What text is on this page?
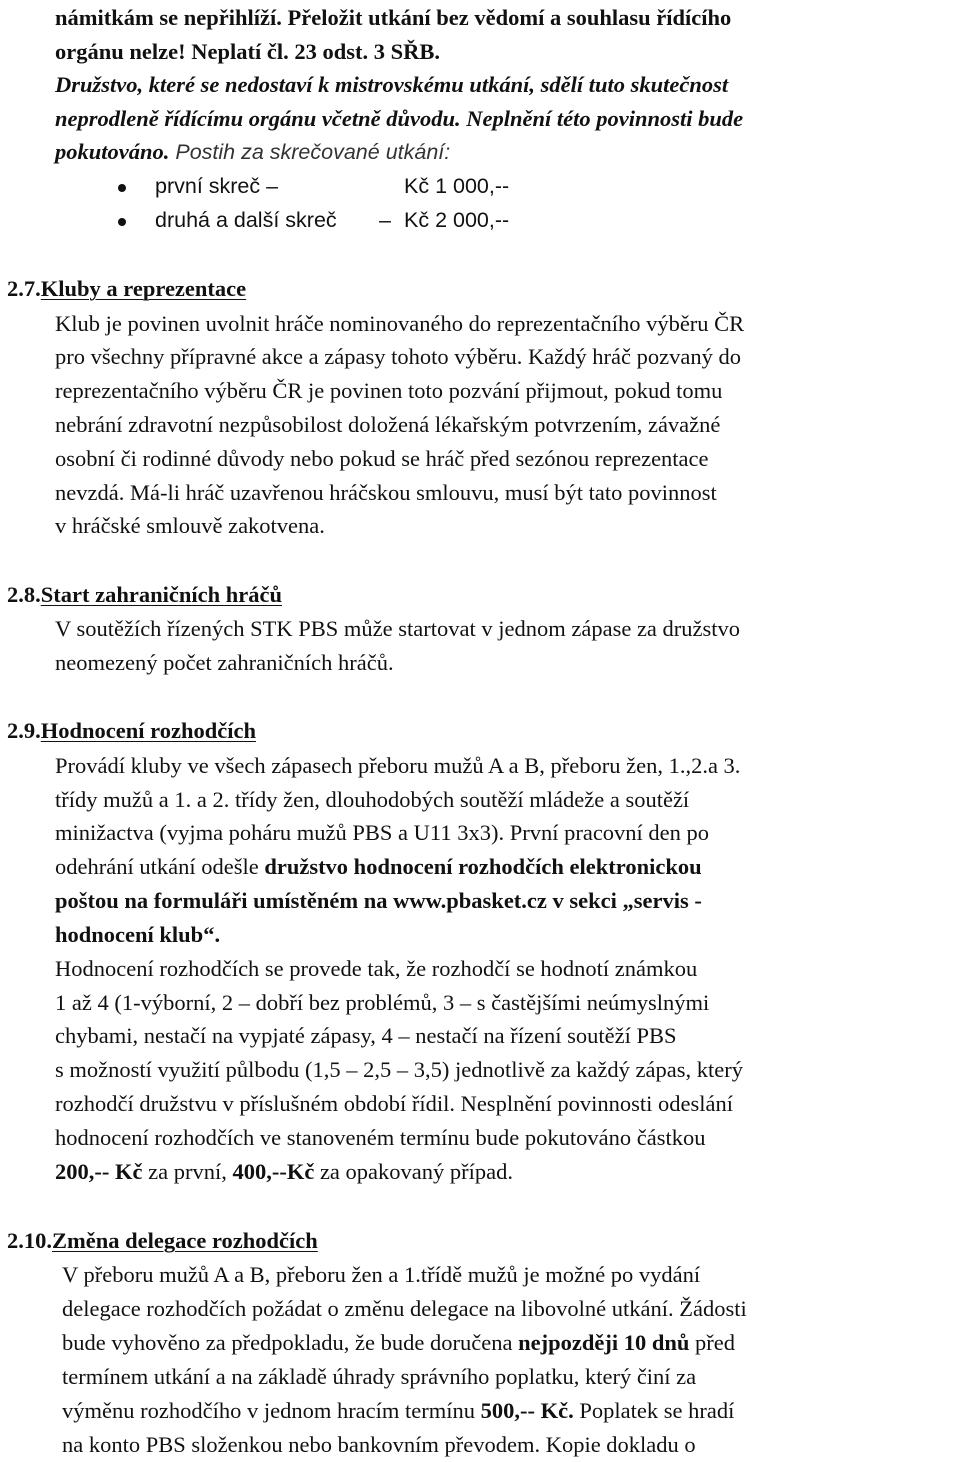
námitkám se nepřihlíží. Přeložit utkání bez vědomí a souhlasu řídícího
orgánu nelze! Neplatí čl. 23 odst. 3 SŘB.
Družstvo, které se nedostaví k mistrovskému utkání, sdělí tuto skutečnost
neprodleně řídícímu orgánu včetně důvodu. Neplnění této povinnosti bude
pokutováno. Postih za skrečované utkání:
první skreč –	Kč 1 000,--
druhá a další skreč – Kč 2 000,--
2.7.Kluby a reprezentace
Klub je povinen uvolnit hráče nominovaného do reprezentačního výběru ČR
pro všechny přípravné akce a zápasy tohoto výběru. Každý hráč pozvaný do
reprezentačního výběru ČR je povinen toto pozvání přijmout, pokud tomu
nebrání zdravotní nezpůsobilost doložená lékařským potvrzením, závažné
osobní či rodinné důvody nebo pokud se hráč před sezónou reprezentace
nevzdá. Má-li hráč uzavřenou hráčskou smlouvu, musí být tato povinnost
v hráčské smlouvě zakotvena.
2.8.Start zahraničních hráčů
V soutěžích řízených STK PBS může startovat v jednom zápase za družstvo
neomezený počet zahraničních hráčů.
2.9.Hodnocení rozhodčích
Provádí kluby ve všech zápasech přeboru mužů A a B, přeboru žen, 1.,2.a 3.
třídy mužů a 1. a 2. třídy žen, dlouhodobých soutěží mládeže a soutěží
minižactva (vyjma poháru mužů PBS a U11 3x3). První pracovní den po
odehrání utkání odešle družstvo hodnocení rozhodčích elektronickou
poštou na formuláři umístěném na www.pbasket.cz v sekci „servis -
hodnocení klub“.
Hodnocení rozhodčích se provede tak, že rozhodčí se hodnotí známkou
1 až 4 (1-výborní, 2 – dobří bez problémů, 3 – s častějšími neúmyslnými
chybami, nestačí na vypjaté zápasy, 4 – nestačí na řízení soutěží PBS
s možností využití půlbodu (1,5 – 2,5 – 3,5) jednotlivě za každý zápas, který
rozhodčí družstvu v příslušném období řídil. Nesplnění povinnosti odeslání
hodnocení rozhodčích ve stanoveném termínu bude pokutováno částkou
200,-- Kč za první, 400,--Kč za opakovaný případ.
2.10.Změna delegace rozhodčích
V přeboru mužů A a B, přeboru žen a 1.třídě mužů je možné po vydání
delegace rozhodčích požádat o změnu delegace na libovolné utkání. Žádosti
bude vyhověno za předpokladu, že bude doručena nejpozději 10 dnů před
termínem utkání a na základě úhrady správního poplatku, který činí za
výměnu rozhodčího v jednom hracím termínu 500,-- Kč. Poplatek se hradí
na konto PBS složenkou nebo bankovním převodem. Kopie dokladu o
